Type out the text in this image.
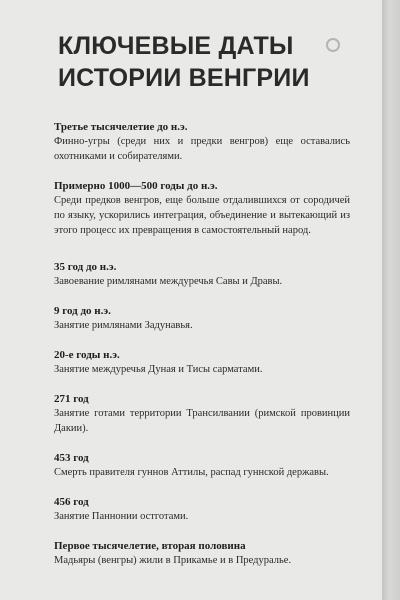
КЛЮЧЕВЫЕ ДАТЫ
ИСТОРИИ ВЕНГРИИ
Третье тысячелетие до н.э.
Финно-угры (среди них и предки венгров) еще оставались охотниками и собирателями.
Примерно 1000—500 годы до н.э.
Среди предков венгров, еще больше отдалившихся от сородичей по языку, ускорились интеграция, объединение и вытекающий из этого процесс их превращения в самостоятельный народ.
35 год до н.э.
Завоевание римлянами междуречья Савы и Дравы.
9 год до н.э.
Занятие римлянами Задунавья.
20-е годы н.э.
Занятие междуречья Дуная и Тисы сарматами.
271 год
Занятие готами территории Трансилвании (римской провинции Дакии).
453 год
Смерть правителя гуннов Аттилы, распад гуннской державы.
456 год
Занятие Паннонии остготами.
Первое тысячелетие, вторая половина
Мадьяры (венгры) жили в Прикамье и в Предуралье.
